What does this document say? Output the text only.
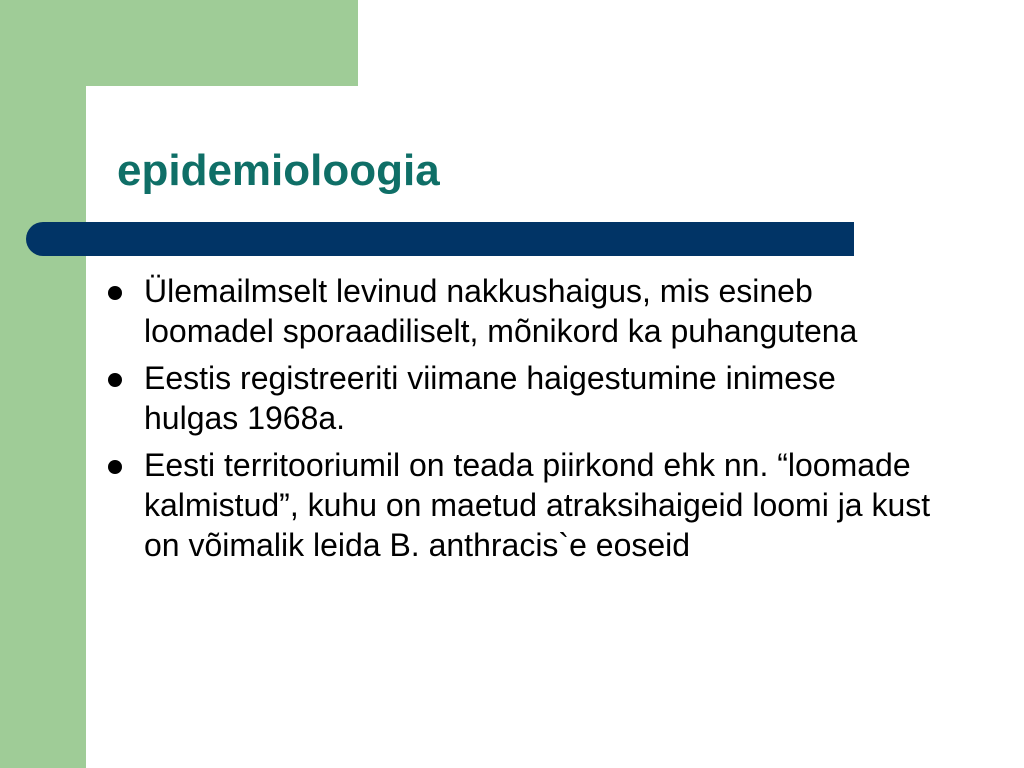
epidemioloogia
Ülemailmselt levinud nakkushaigus, mis esineb loomadel sporaadiliselt, mõnikord ka puhangutena
Eestis registreeriti viimane haigestumine inimese hulgas 1968a.
Eesti territooriumil on teada piirkond ehk nn. “loomade kalmistud”, kuhu on maetud atraksihaigeid loomi ja kust on võimalik leida B. anthracis`e eoseid
